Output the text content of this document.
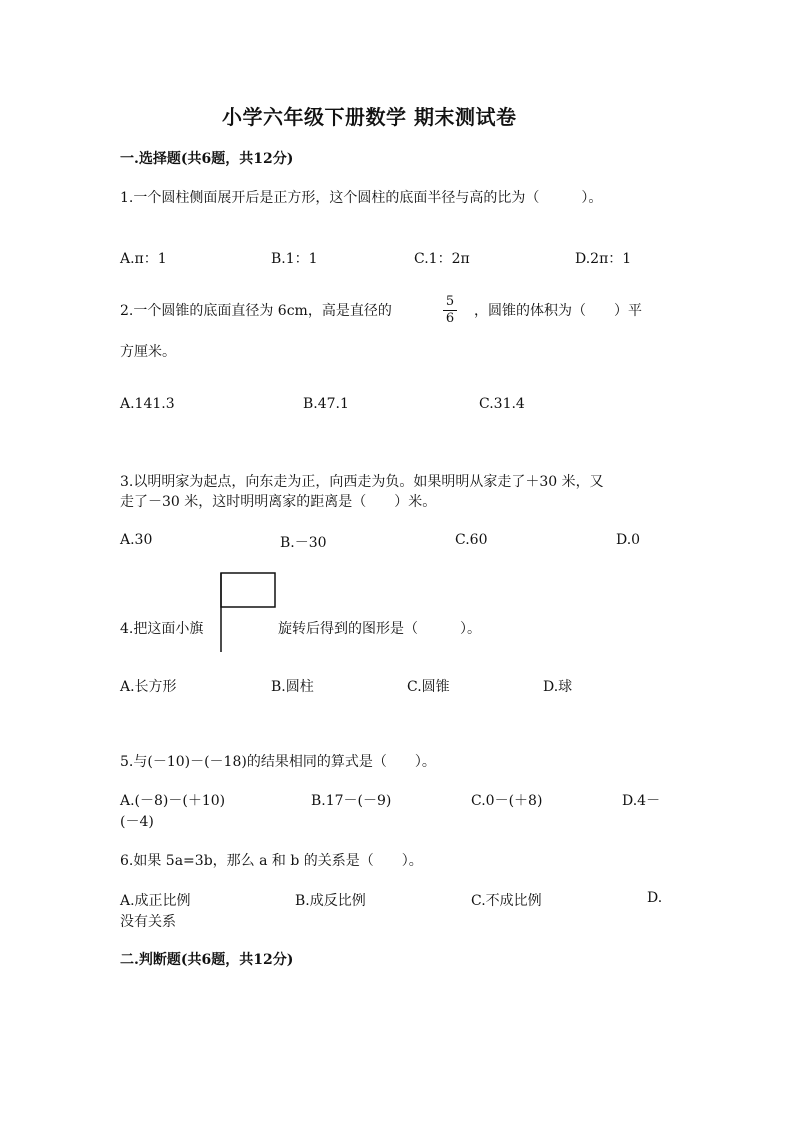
小学六年级下册数学 期末测试卷
一.选择题(共6题，共12分)
1.一个圆柱侧面展开后是正方形，这个圆柱的底面半径与高的比为（　　　）。
A.π：1	B.1：1	C.1：2π	D.2π：1
2.一个圆锥的底面直径为 6cm，高是直径的
5
6 ，圆锥的体积为（　　）平
方厘米。
A.141.3	B.47.1	C.31.4
3.以明明家为起点，向东走为正，向西走为负。如果明明从家走了＋30 米，又
走了－30 米，这时明明离家的距离是（　　）米。
A.30	B.－30	C.60	D.0
4.把这面小旗	旋转后得到的图形是（　　　）。
A.长方形	B.圆柱	C.圆锥	D.球
5.与(－10)－(－18)的结果相同的算式是（　　）。
A.(－8)－(＋10)	B.17－(－9)	C.0－(＋8)	D.4－
(－4)
6.如果 5a=3b，那么 a 和 b 的关系是（　　）。
A.成正比例	B.成反比例	C.不成比例	D.
没有关系
二.判断题(共6题，共12分)
